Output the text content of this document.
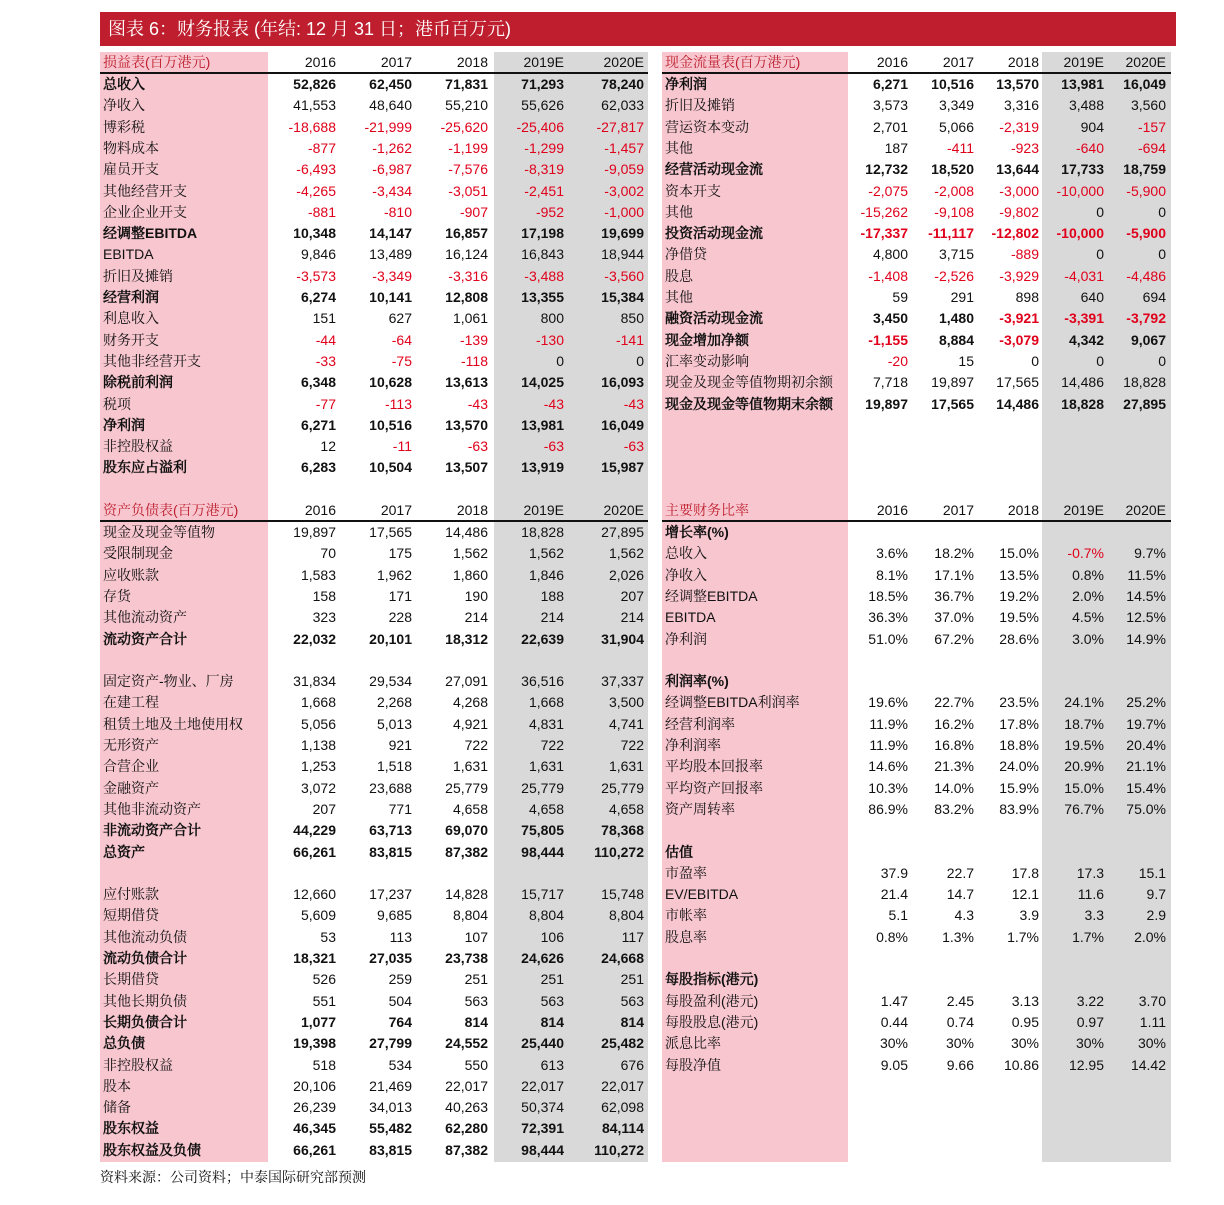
图表 6：财务报表 (年结: 12 月 31 日；港币百万元)
损益表(百万港元)	2016	2017	2018	2019E	2020E
总收入	52,826	62,450	71,831	71,293	78,240
净收入	41,553	48,640	55,210	55,626	62,033
博彩税	-18,688	-21,999	-25,620	-25,406	-27,817
物料成本	-877	-1,262	-1,199	-1,299	-1,457
雇员开支	-6,493	-6,987	-7,576	-8,319	-9,059
其他经营开支	-4,265	-3,434	-3,051	-2,451	-3,002
企业企业开支	-881	-810	-907	-952	-1,000
经调整EBITDA	10,348	14,147	16,857	17,198	19,699
EBITDA	9,846	13,489	16,124	16,843	18,944
折旧及摊销	-3,573	-3,349	-3,316	-3,488	-3,560
经营利润	6,274	10,141	12,808	13,355	15,384
利息收入	151	627	1,061	800	850
财务开支	-44	-64	-139	-130	-141
其他非经营开支	-33	-75	-118	0	0
除税前利润	6,348	10,628	13,613	14,025	16,093
税项	-77	-113	-43	-43	-43
净利润	6,271	10,516	13,570	13,981	16,049
非控股权益	12	-11	-63	-63	-63
股东应占溢利	6,283	10,504	13,507	13,919	15,987
现金流量表(百万港元)	2016	2017	2018	2019E	2020E
净利润	6,271	10,516	13,570	13,981	16,049
折旧及摊销	3,573	3,349	3,316	3,488	3,560
营运资本变动	2,701	5,066	-2,319	904	-157
其他	187	-411	-923	-640	-694
经营活动现金流	12,732	18,520	13,644	17,733	18,759
资本开支	-2,075	-2,008	-3,000	-10,000	-5,900
其他	-15,262	-9,108	-9,802	0	0
投资活动现金流	-17,337	-11,117	-12,802	-10,000	-5,900
净借贷	4,800	3,715	-889	0	0
股息	-1,408	-2,526	-3,929	-4,031	-4,486
其他	59	291	898	640	694
融资活动现金流	3,450	1,480	-3,921	-3,391	-3,792
现金增加净额	-1,155	8,884	-3,079	4,342	9,067
汇率变动影响	-20	15	0	0	0
现金及现金等值物期初余额	7,718	19,897	17,565	14,486	18,828
现金及现金等值物期末余额	19,897	17,565	14,486	18,828	27,895
资产负债表(百万港元)	2016	2017	2018	2019E	2020E
现金及现金等值物	19,897	17,565	14,486	18,828	27,895
受限制现金	70	175	1,562	1,562	1,562
应收账款	1,583	1,962	1,860	1,846	2,026
存货	158	171	190	188	207
其他流动资产	323	228	214	214	214
流动资产合计	22,032	20,101	18,312	22,639	31,904
固定资产-物业、厂房	31,834	29,534	27,091	36,516	37,337
在建工程	1,668	2,268	4,268	1,668	3,500
租赁土地及土地使用权	5,056	5,013	4,921	4,831	4,741
无形资产	1,138	921	722	722	722
合营企业	1,253	1,518	1,631	1,631	1,631
金融资产	3,072	23,688	25,779	25,779	25,779
其他非流动资产	207	771	4,658	4,658	4,658
非流动资产合计	44,229	63,713	69,070	75,805	78,368
总资产	66,261	83,815	87,382	98,444	110,272
应付账款	12,660	17,237	14,828	15,717	15,748
短期借贷	5,609	9,685	8,804	8,804	8,804
其他流动负债	53	113	107	106	117
流动负债合计	18,321	27,035	23,738	24,626	24,668
长期借贷	526	259	251	251	251
其他长期负债	551	504	563	563	563
长期负债合计	1,077	764	814	814	814
总负债	19,398	27,799	24,552	25,440	25,482
非控股权益	518	534	550	613	676
股本	20,106	21,469	22,017	22,017	22,017
储备	26,239	34,013	40,263	50,374	62,098
股东权益	46,345	55,482	62,280	72,391	84,114
股东权益及负债	66,261	83,815	87,382	98,444	110,272
主要财务比率	2016	2017	2018	2019E	2020E
增长率(%)
总收入	3.6%	18.2%	15.0%	-0.7%	9.7%
净收入	8.1%	17.1%	13.5%	0.8%	11.5%
经调整EBITDA	18.5%	36.7%	19.2%	2.0%	14.5%
EBITDA	36.3%	37.0%	19.5%	4.5%	12.5%
净利润	51.0%	67.2%	28.6%	3.0%	14.9%
利润率(%)
经调整EBITDA利润率	19.6%	22.7%	23.5%	24.1%	25.2%
经营利润率	11.9%	16.2%	17.8%	18.7%	19.7%
净利润率	11.9%	16.8%	18.8%	19.5%	20.4%
平均股本回报率	14.6%	21.3%	24.0%	20.9%	21.1%
平均资产回报率	10.3%	14.0%	15.9%	15.0%	15.4%
资产周转率	86.9%	83.2%	83.9%	76.7%	75.0%
估值
市盈率	37.9	22.7	17.8	17.3	15.1
EV/EBITDA	21.4	14.7	12.1	11.6	9.7
市帐率	5.1	4.3	3.9	3.3	2.9
股息率	0.8%	1.3%	1.7%	1.7%	2.0%
每股指标(港元)
每股盈利(港元)	1.47	2.45	3.13	3.22	3.70
每股股息(港元)	0.44	0.74	0.95	0.97	1.11
派息比率	30%	30%	30%	30%	30%
每股净值	9.05	9.66	10.86	12.95	14.42
资料来源：公司资料；中泰国际研究部预测
